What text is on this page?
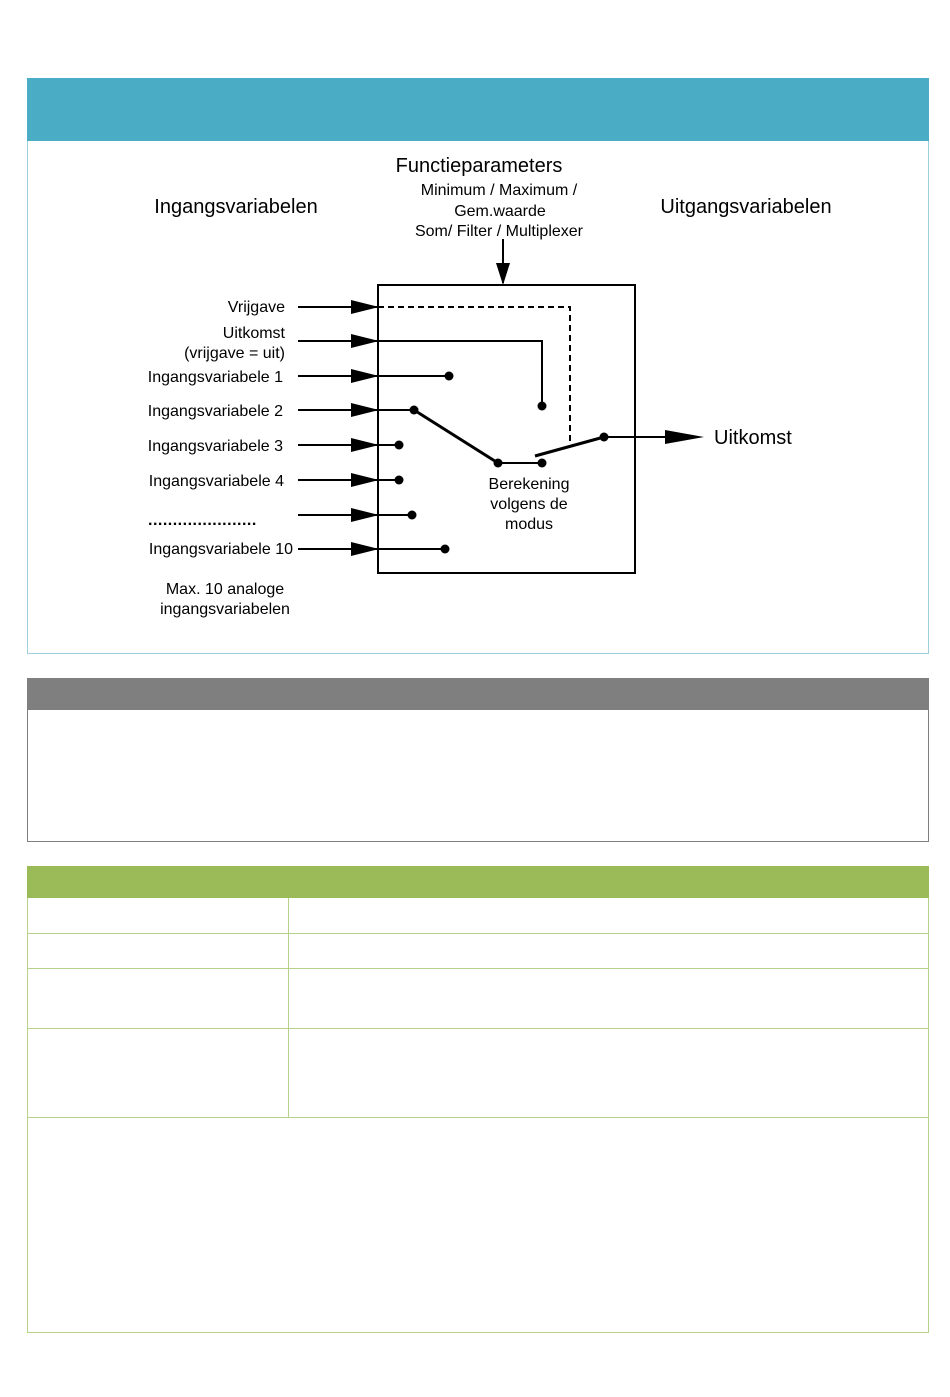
Ingangsvariabelen
Functieparameters
Minimum / Maximum /
Gem.waarde
Som/ Filter / Multiplexer
Uitgangsvariabelen
Vrijgave
Uitkomst
(vrijgave = uit)
Ingangsvariabele 1
Ingangsvariabele 2
Ingangsvariabele 3
Ingangsvariabele 4
......................
Ingangsvariabele 10
Berekening
volgens de
modus
Uitkomst
Max. 10 analoge
ingangsvariabelen
